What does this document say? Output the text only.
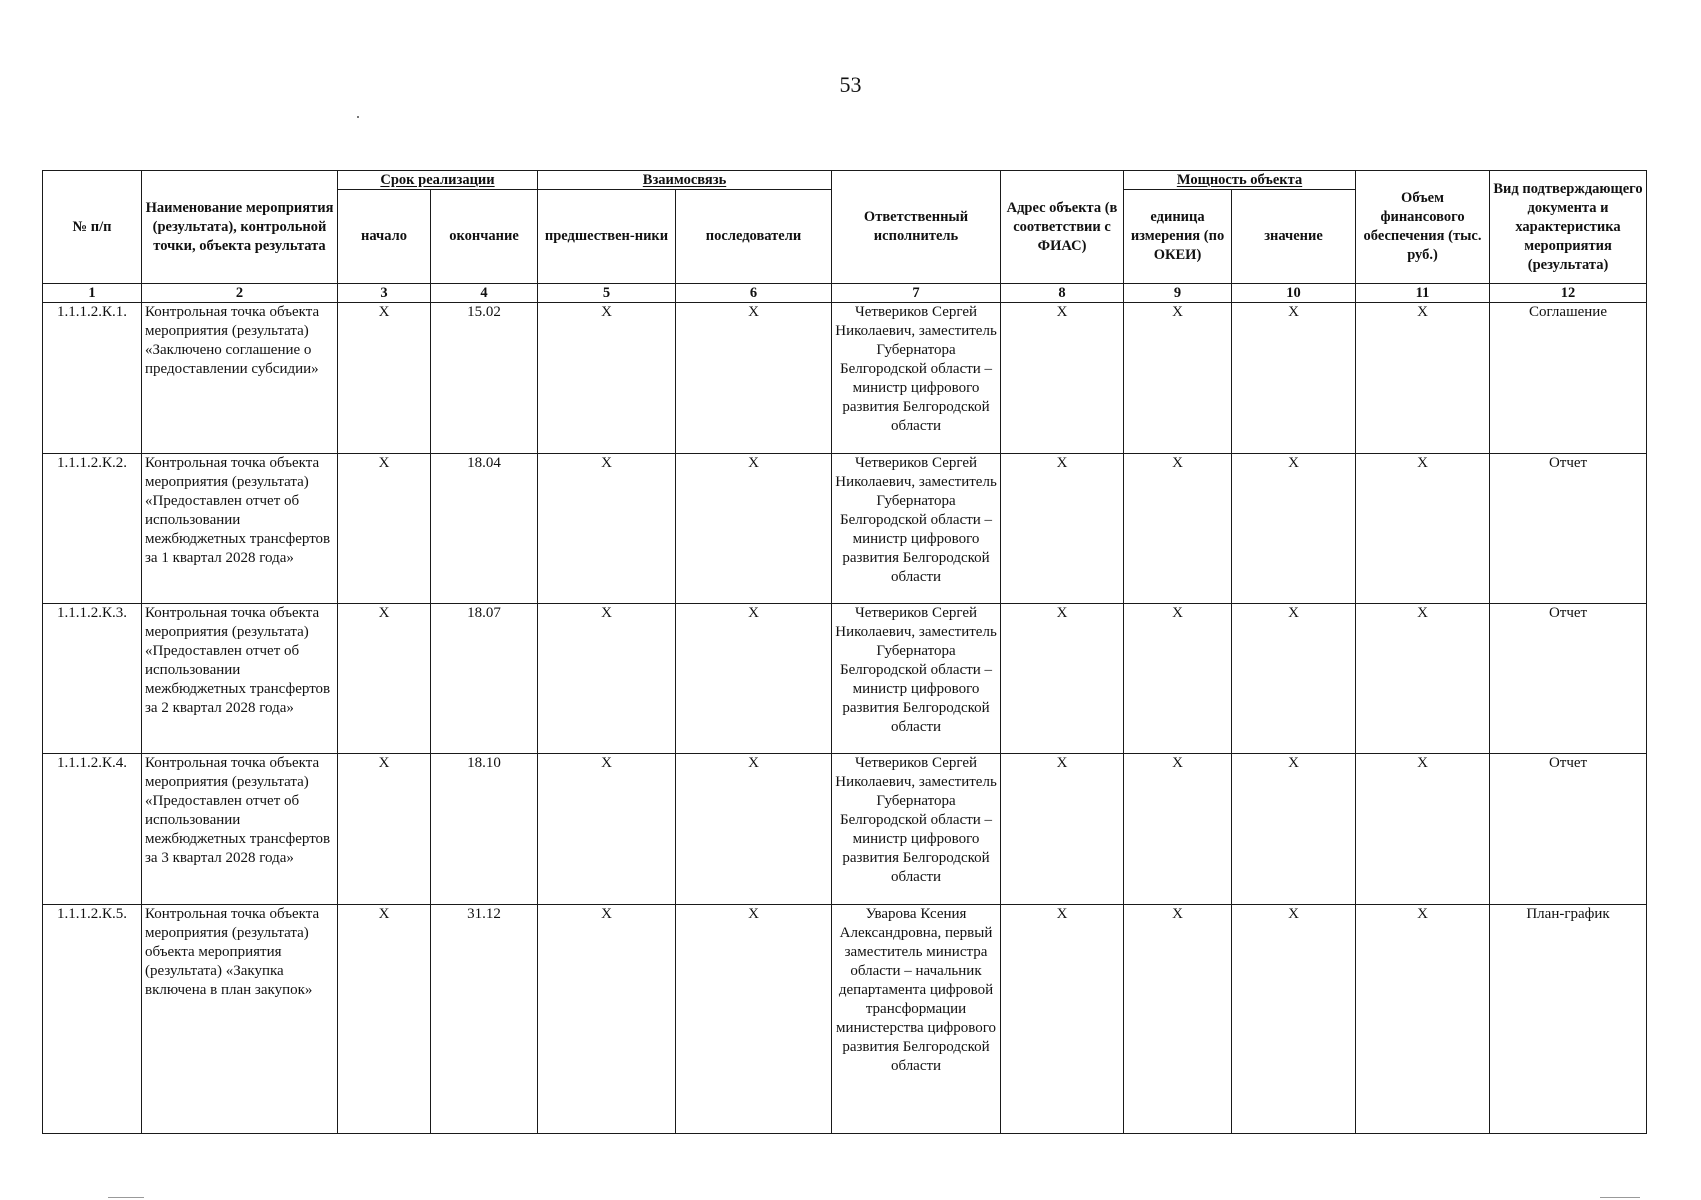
53
№ п/п	Наименование мероприятия (результата), контрольной точки, объекта результата	Срок реализации		Взаимосвязь		Ответственный исполнитель	Адрес объекта (в соответствии с ФИАС)	Мощность объекта		Объем финансового обеспечения (тыс. руб.)	Вид подтверждающего документа и характеристика мероприятия (результата)
		начало	окончание	предшествен-ники	последователи			единица измерения (по ОКЕИ)	значение		
1	2	3	4	5	6	7	8	9	10	11	12
1.1.1.2.К.1.	Контрольная точка объекта мероприятия (результата) «Заключено соглашение о предоставлении субсидии»	X	15.02	X	X	Четвериков Сергей Николаевич, заместитель Губернатора Белгородской области – министр цифрового развития Белгородской области	X	X	X	X	Соглашение
1.1.1.2.К.2.	Контрольная точка объекта мероприятия (результата) «Предоставлен отчет об использовании межбюджетных трансфертов за 1 квартал 2028 года»	X	18.04	X	X	Четвериков Сергей Николаевич, заместитель Губернатора Белгородской области – министр цифрового развития Белгородской области	X	X	X	X	Отчет
1.1.1.2.К.3.	Контрольная точка объекта мероприятия (результата) «Предоставлен отчет об использовании межбюджетных трансфертов за 2 квартал 2028 года»	X	18.07	X	X	Четвериков Сергей Николаевич, заместитель Губернатора Белгородской области – министр цифрового развития Белгородской области	X	X	X	X	Отчет
1.1.1.2.К.4.	Контрольная точка объекта мероприятия (результата) «Предоставлен отчет об использовании межбюджетных трансфертов за 3 квартал 2028 года»	X	18.10	X	X	Четвериков Сергей Николаевич, заместитель Губернатора Белгородской области – министр цифрового развития Белгородской области	X	X	X	X	Отчет
1.1.1.2.К.5.	Контрольная точка объекта мероприятия (результата) объекта мероприятия (результата) «Закупка включена в план закупок»	X	31.12	X	X	Уварова Ксения Александровна, первый заместитель министра области – начальник департамента цифровой трансформации министерства цифрового развития Белгородской области	X	X	X	X	План-график
